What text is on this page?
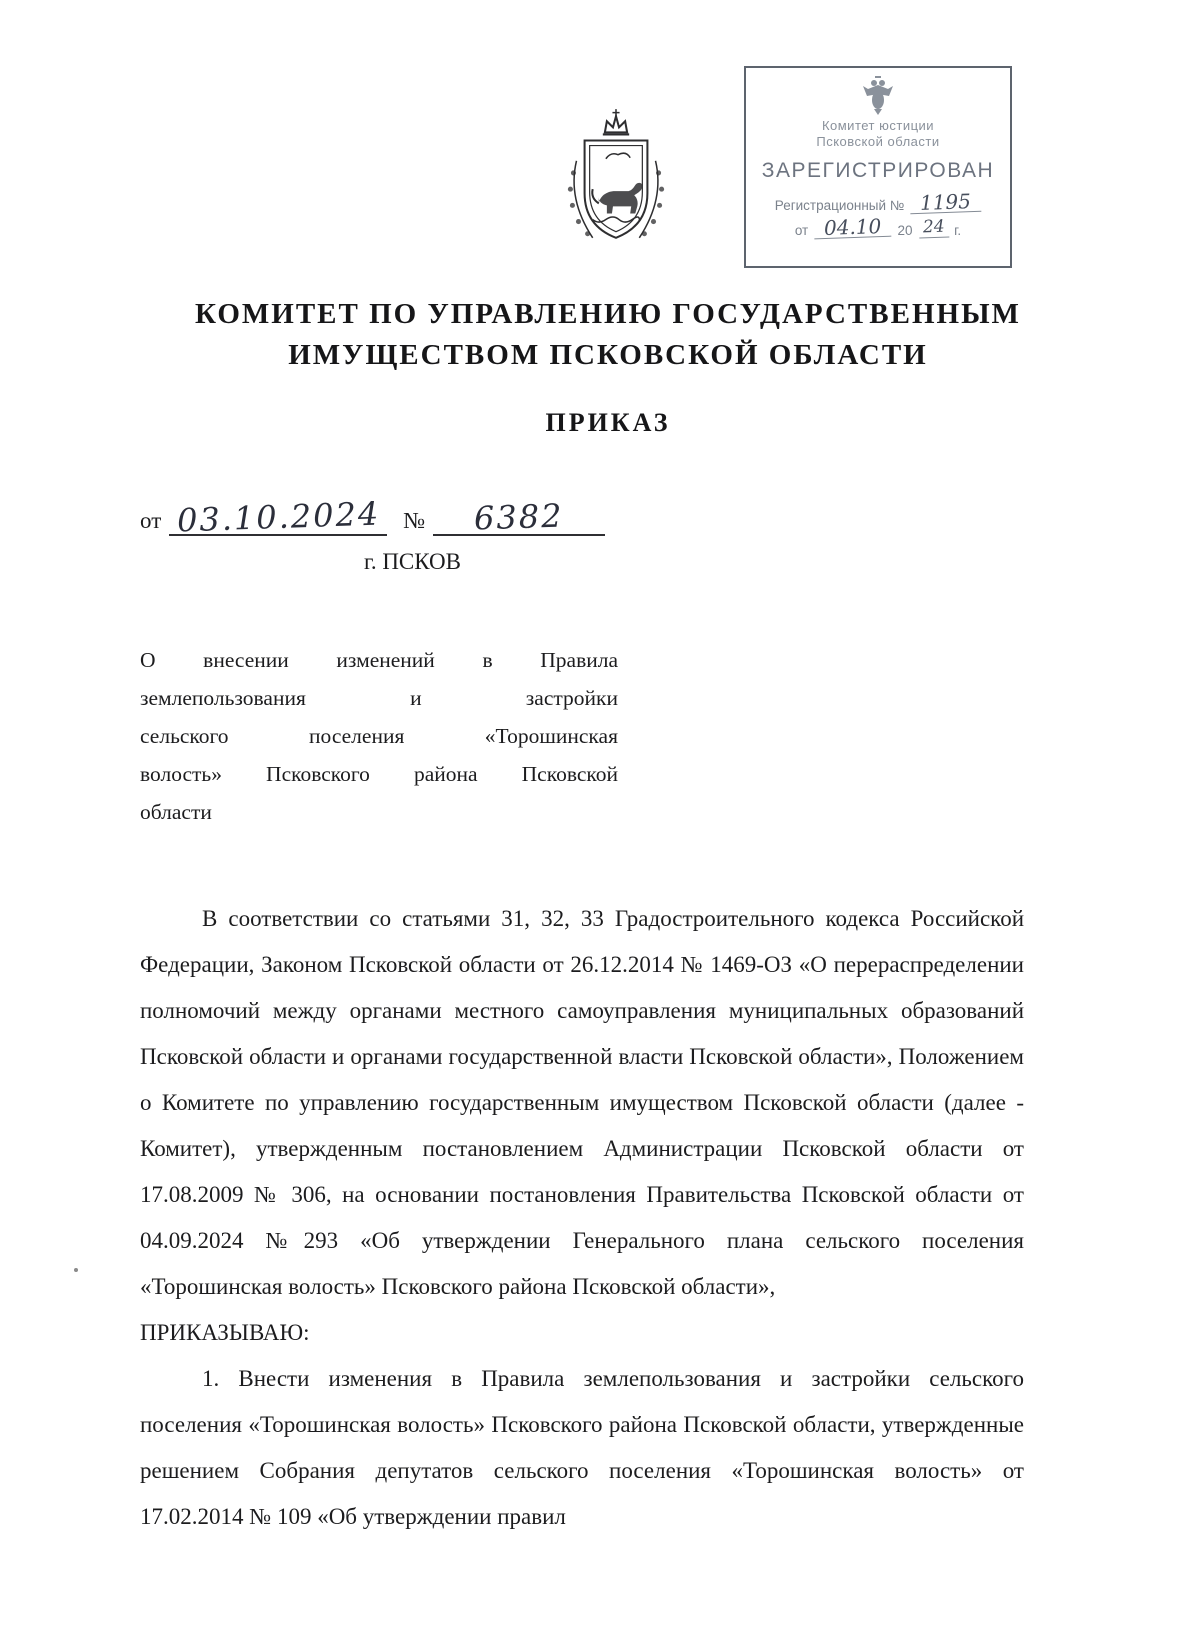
Комитет юстиции
Псковской области
ЗАРЕГИСТРИРОВАН
Регистрационный № 1195
от 04.10	20 24 г.
КОМИТЕТ ПО УПРАВЛЕНИЮ ГОСУДАРСТВЕННЫМ ИМУЩЕСТВОМ ПСКОВСКОЙ ОБЛАСТИ
ПРИКАЗ
от 03.10.2024 №	6382
г. ПСКОВ
О внесении изменений в Правила
землепользования и застройки
сельского поселения «Торошинская
волость» Псковского района Псковской
области
В соответствии со статьями 31, 32, 33 Градостроительного кодекса Российской Федерации, Законом Псковской области от 26.12.2014 № 1469-ОЗ «О перераспределении полномочий между органами местного самоуправления муниципальных образований Псковской области и органами государственной власти Псковской области», Положением о Комитете по управлению государственным имуществом Псковской области (далее - Комитет), утвержденным постановлением Администрации Псковской области от 17.08.2009 № 306, на основании постановления Правительства Псковской области от 04.09.2024 №293 «Об утверждении Генерального плана сельского поселения «Торошинская волость» Псковского района Псковской области»,
ПРИКАЗЫВАЮ:
1. Внести изменения в Правила землепользования и застройки сельского поселения «Торошинская волость» Псковского района Псковской области, утвержденные решением Собрания депутатов сельского поселения «Торошинская волость» от 17.02.2014 № 109 «Об утверждении правил
